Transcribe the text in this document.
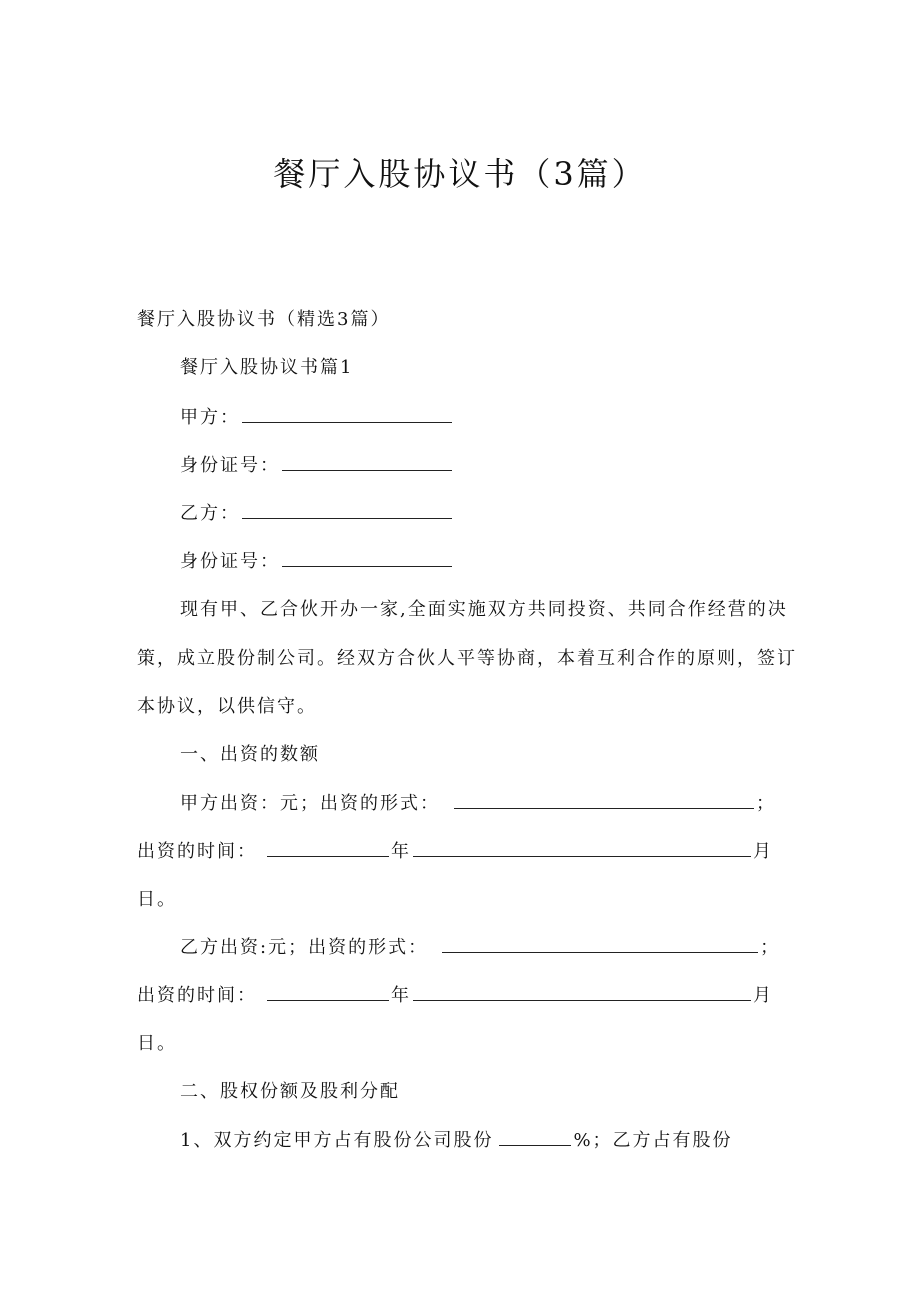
餐厅入股协议书（3篇）
餐厅入股协议书（精选3篇）
餐厅入股协议书篇1
甲方：
身份证号：
乙方：
身份证号：
现有甲、乙合伙开办一家,全面实施双方共同投资、共同合作经营的决
策，成立股份制公司。经双方合伙人平等协商，本着互利合作的原则，签订
本协议，以供信守。
一、出资的数额
甲方出资：元；出资的形式：	；
出资的时间：	年	月
日。
乙方出资:元；出资的形式：	；
出资的时间：	年	月
日。
二、股权份额及股利分配
1、双方约定甲方占有股份公司股份	%；乙方占有股份
